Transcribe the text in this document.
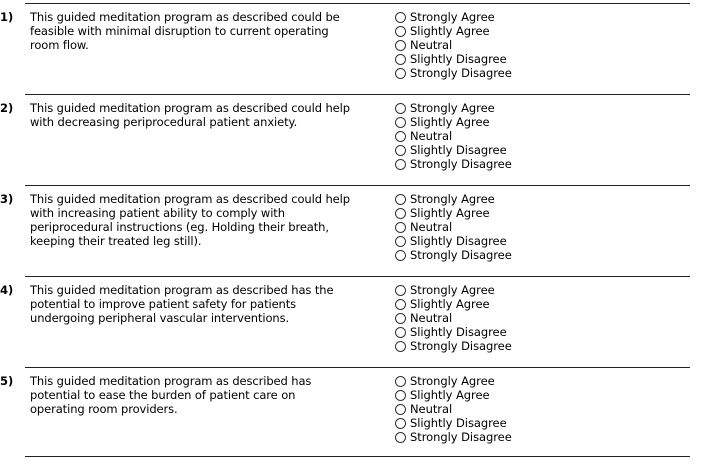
1) This guided meditation program as described could be
feasible with minimal disruption to current operating
room flow.
Strongly Agree
Slightly Agree
Neutral
Slightly Disagree
Strongly Disagree
2) This guided meditation program as described could help
with decreasing periprocedural patient anxiety.
Strongly Agree
Slightly Agree
Neutral
Slightly Disagree
Strongly Disagree
3) This guided meditation program as described could help
with increasing patient ability to comply with
periprocedural instructions (eg. Holding their breath,
keeping their treated leg still).
Strongly Agree
Slightly Agree
Neutral
Slightly Disagree
Strongly Disagree
4) This guided meditation program as described has the
potential to improve patient safety for patients
undergoing peripheral vascular interventions.
Strongly Agree
Slightly Agree
Neutral
Slightly Disagree
Strongly Disagree
5) This guided meditation program as described has
potential to ease the burden of patient care on
operating room providers.
Strongly Agree
Slightly Agree
Neutral
Slightly Disagree
Strongly Disagree
